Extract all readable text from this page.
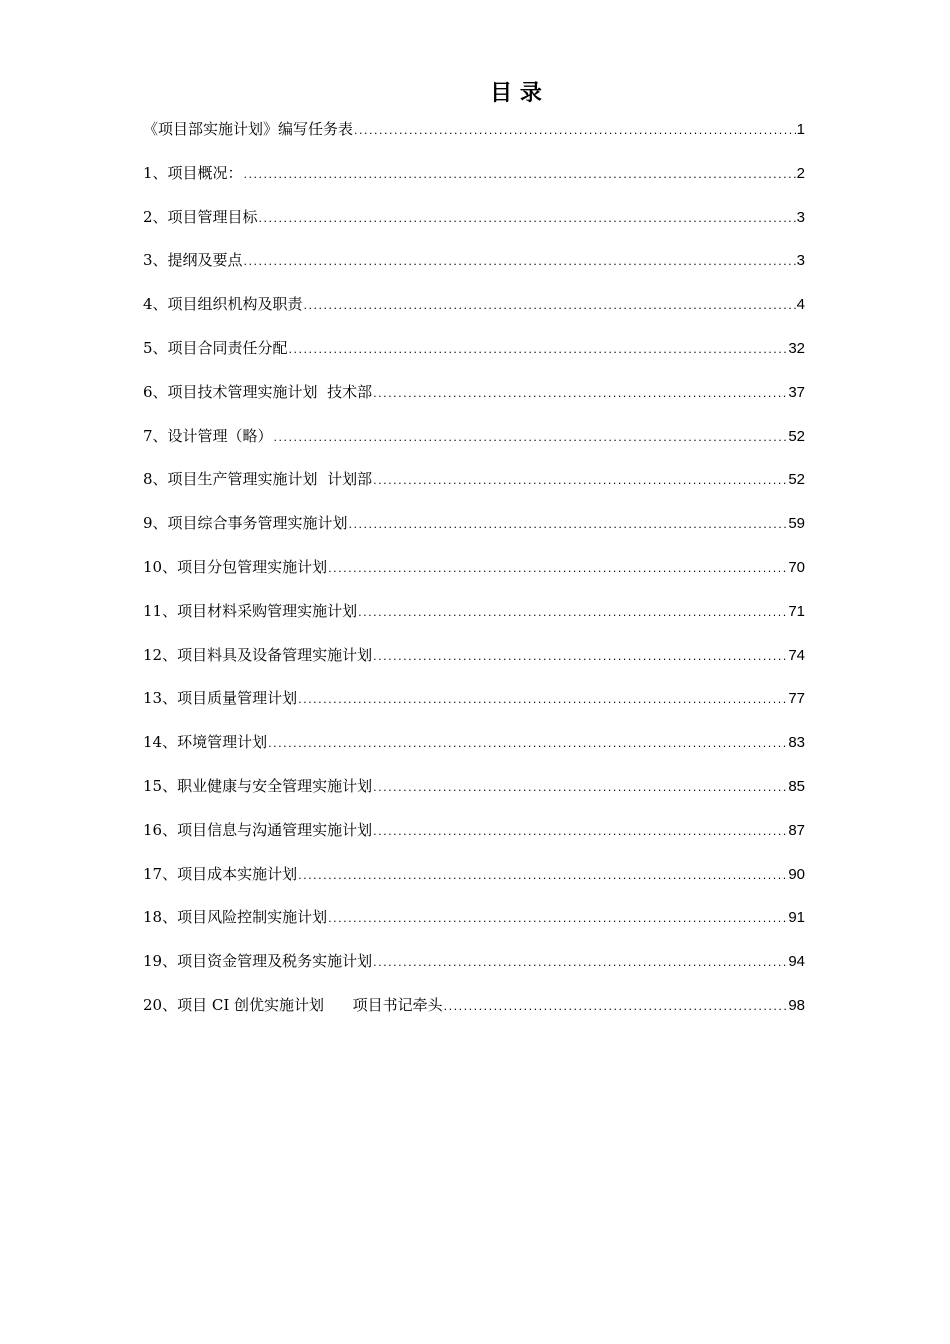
目 录
《项目部实施计划》编写任务表 .....	1
1、项目概况： .....	2
2、项目管理目标 .....	3
3、提纲及要点 .....	3
4、项目组织机构及职责 .....	4
5、项目合同责任分配 .....	32
6、项目技术管理实施计划  技术部 .....	37
7、设计管理（略） .....	52
8、项目生产管理实施计划  计划部 .....	52
9、项目综合事务管理实施计划 .....	59
10、项目分包管理实施计划 .....	70
11、项目材料采购管理实施计划 .....	71
12、项目料具及设备管理实施计划 .....	74
13、项目质量管理计划 .....	77
14、环境管理计划 .....	83
15、职业健康与安全管理实施计划 .....	85
16、项目信息与沟通管理实施计划 .....	87
17、项目成本实施计划 .....	90
18、项目风险控制实施计划 .....	91
19、项目资金管理及税务实施计划 .....	94
20、项目 CI 创优实施计划      项目书记牵头 .....	98
